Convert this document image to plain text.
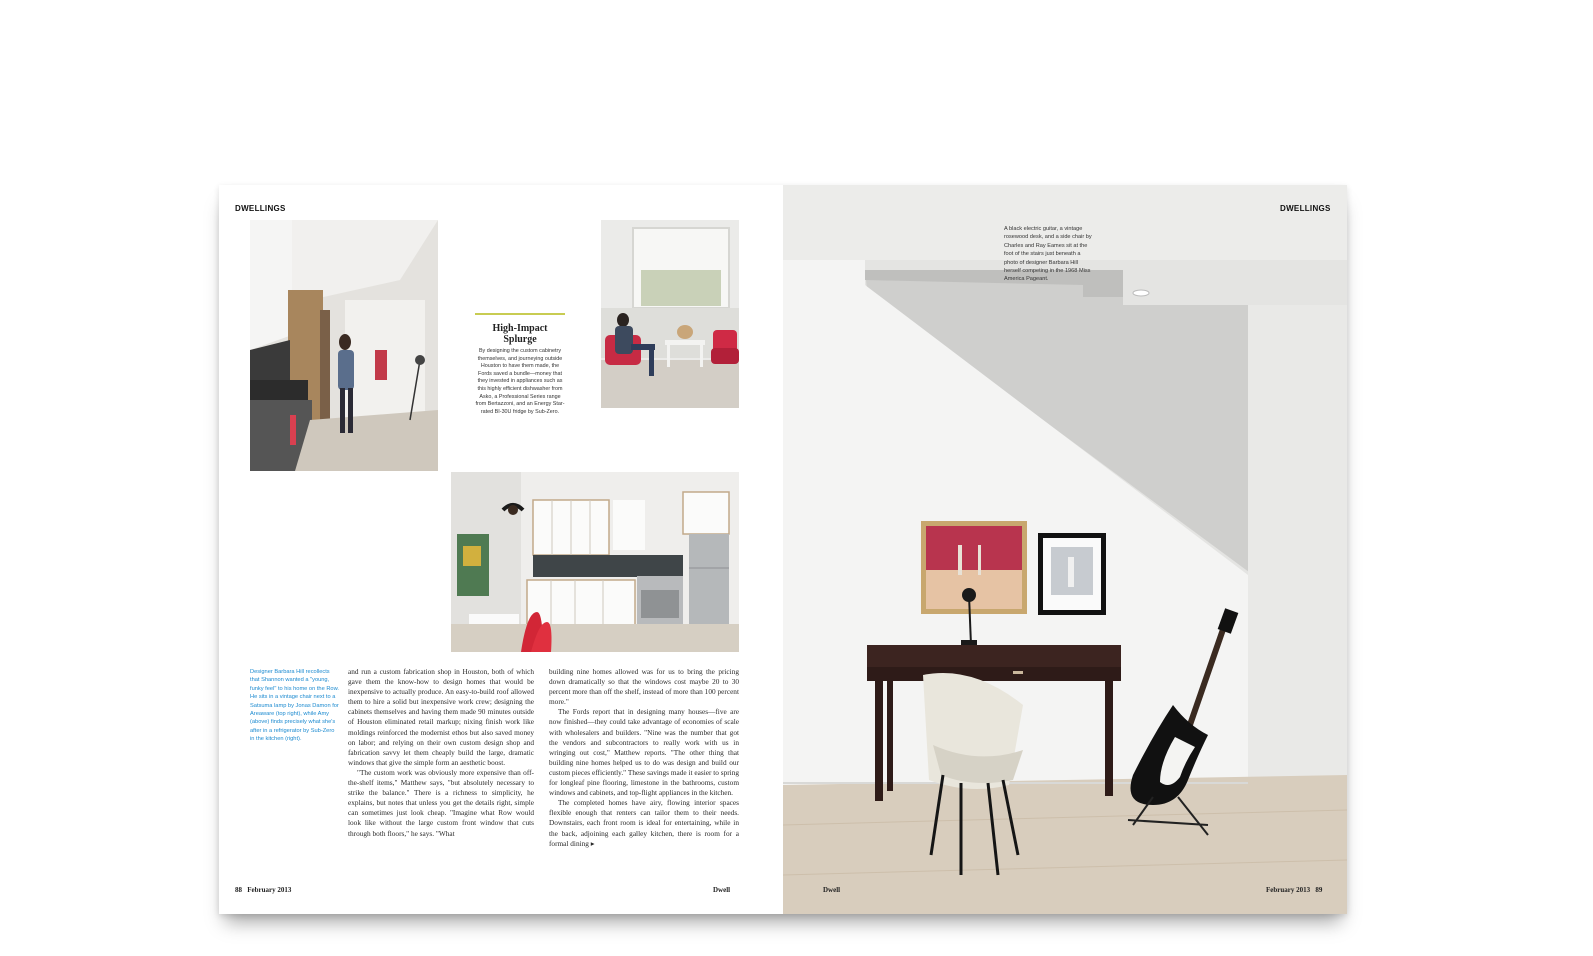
DWELLINGS
High-Impact
Splurge
By designing the custom cabinetry themselves, and journeying outside Houston to have them made, the Fords saved a bundle—money that they invested in appliances such as this highly efficient dishwasher from Asko, a Professional Series range from Bertazzoni, and an Energy Star-rated BI-30U fridge by Sub-Zero.
Designer Barbara Hill recollects that Shannon wanted a "young, funky feel" to his home on the Row. He sits in a vintage chair next to a Satsuma lamp by Jonas Damon for Areaware (top right), while Amy (above) finds precisely what she's after in a refrigerator by Sub-Zero in the kitchen (right).

and run a custom fabrication shop in Houston, both of which gave them the know-how to design homes that would be inexpensive to actually produce. An easy-to-build roof allowed them to hire a solid but inexpensive work crew; designing the cabinets themselves and having them made 90 minutes outside of Houston eliminated retail markup; nixing finish work like moldings reinforced the modernist ethos but also saved money on labor; and relying on their own custom design shop and fabrication savvy let them cheaply build the large, dramatic windows that give the simple form an aesthetic boost.

"The custom work was obviously more expensive than off-the-shelf items," Matthew says, "but absolutely necessary to strike the balance." There is a richness to simplicity, he explains, but notes that unless you get the details right, simple can sometimes just look cheap. "Imagine what Row would look like without the large custom front window that cuts through both floors," he says. "What

building nine homes allowed was for us to bring the pricing down dramatically so that the windows cost maybe 20 to 30 percent more than off the shelf, instead of more than 100 percent more."

The Fords report that in designing many houses—five are now finished—they could take advantage of economies of scale with wholesalers and builders. "Nine was the number that got the vendors and subcontractors to really work with us in wringing out cost," Matthew reports. "The other thing that building nine homes helped us to do was design and build our custom pieces efficiently." These savings made it easier to spring for longleaf pine flooring, limestone in the bathrooms, custom windows and cabinets, and top-flight appliances in the kitchen.

The completed homes have airy, flowing interior spaces flexible enough that renters can tailor them to their needs. Downstairs, each front room is ideal for entertaining, while in the back, adjoining each galley kitchen, there is room for a formal dining ▸

88 February 2013	Dwell
DWELLINGS
Dwell	February 2013 89
A black electric guitar, a vintage rosewood desk, and a side chair by Charles and Ray Eames sit at the foot of the stairs just beneath a photo of designer Barbara Hill herself competing in the 1968 Miss America Pageant.
